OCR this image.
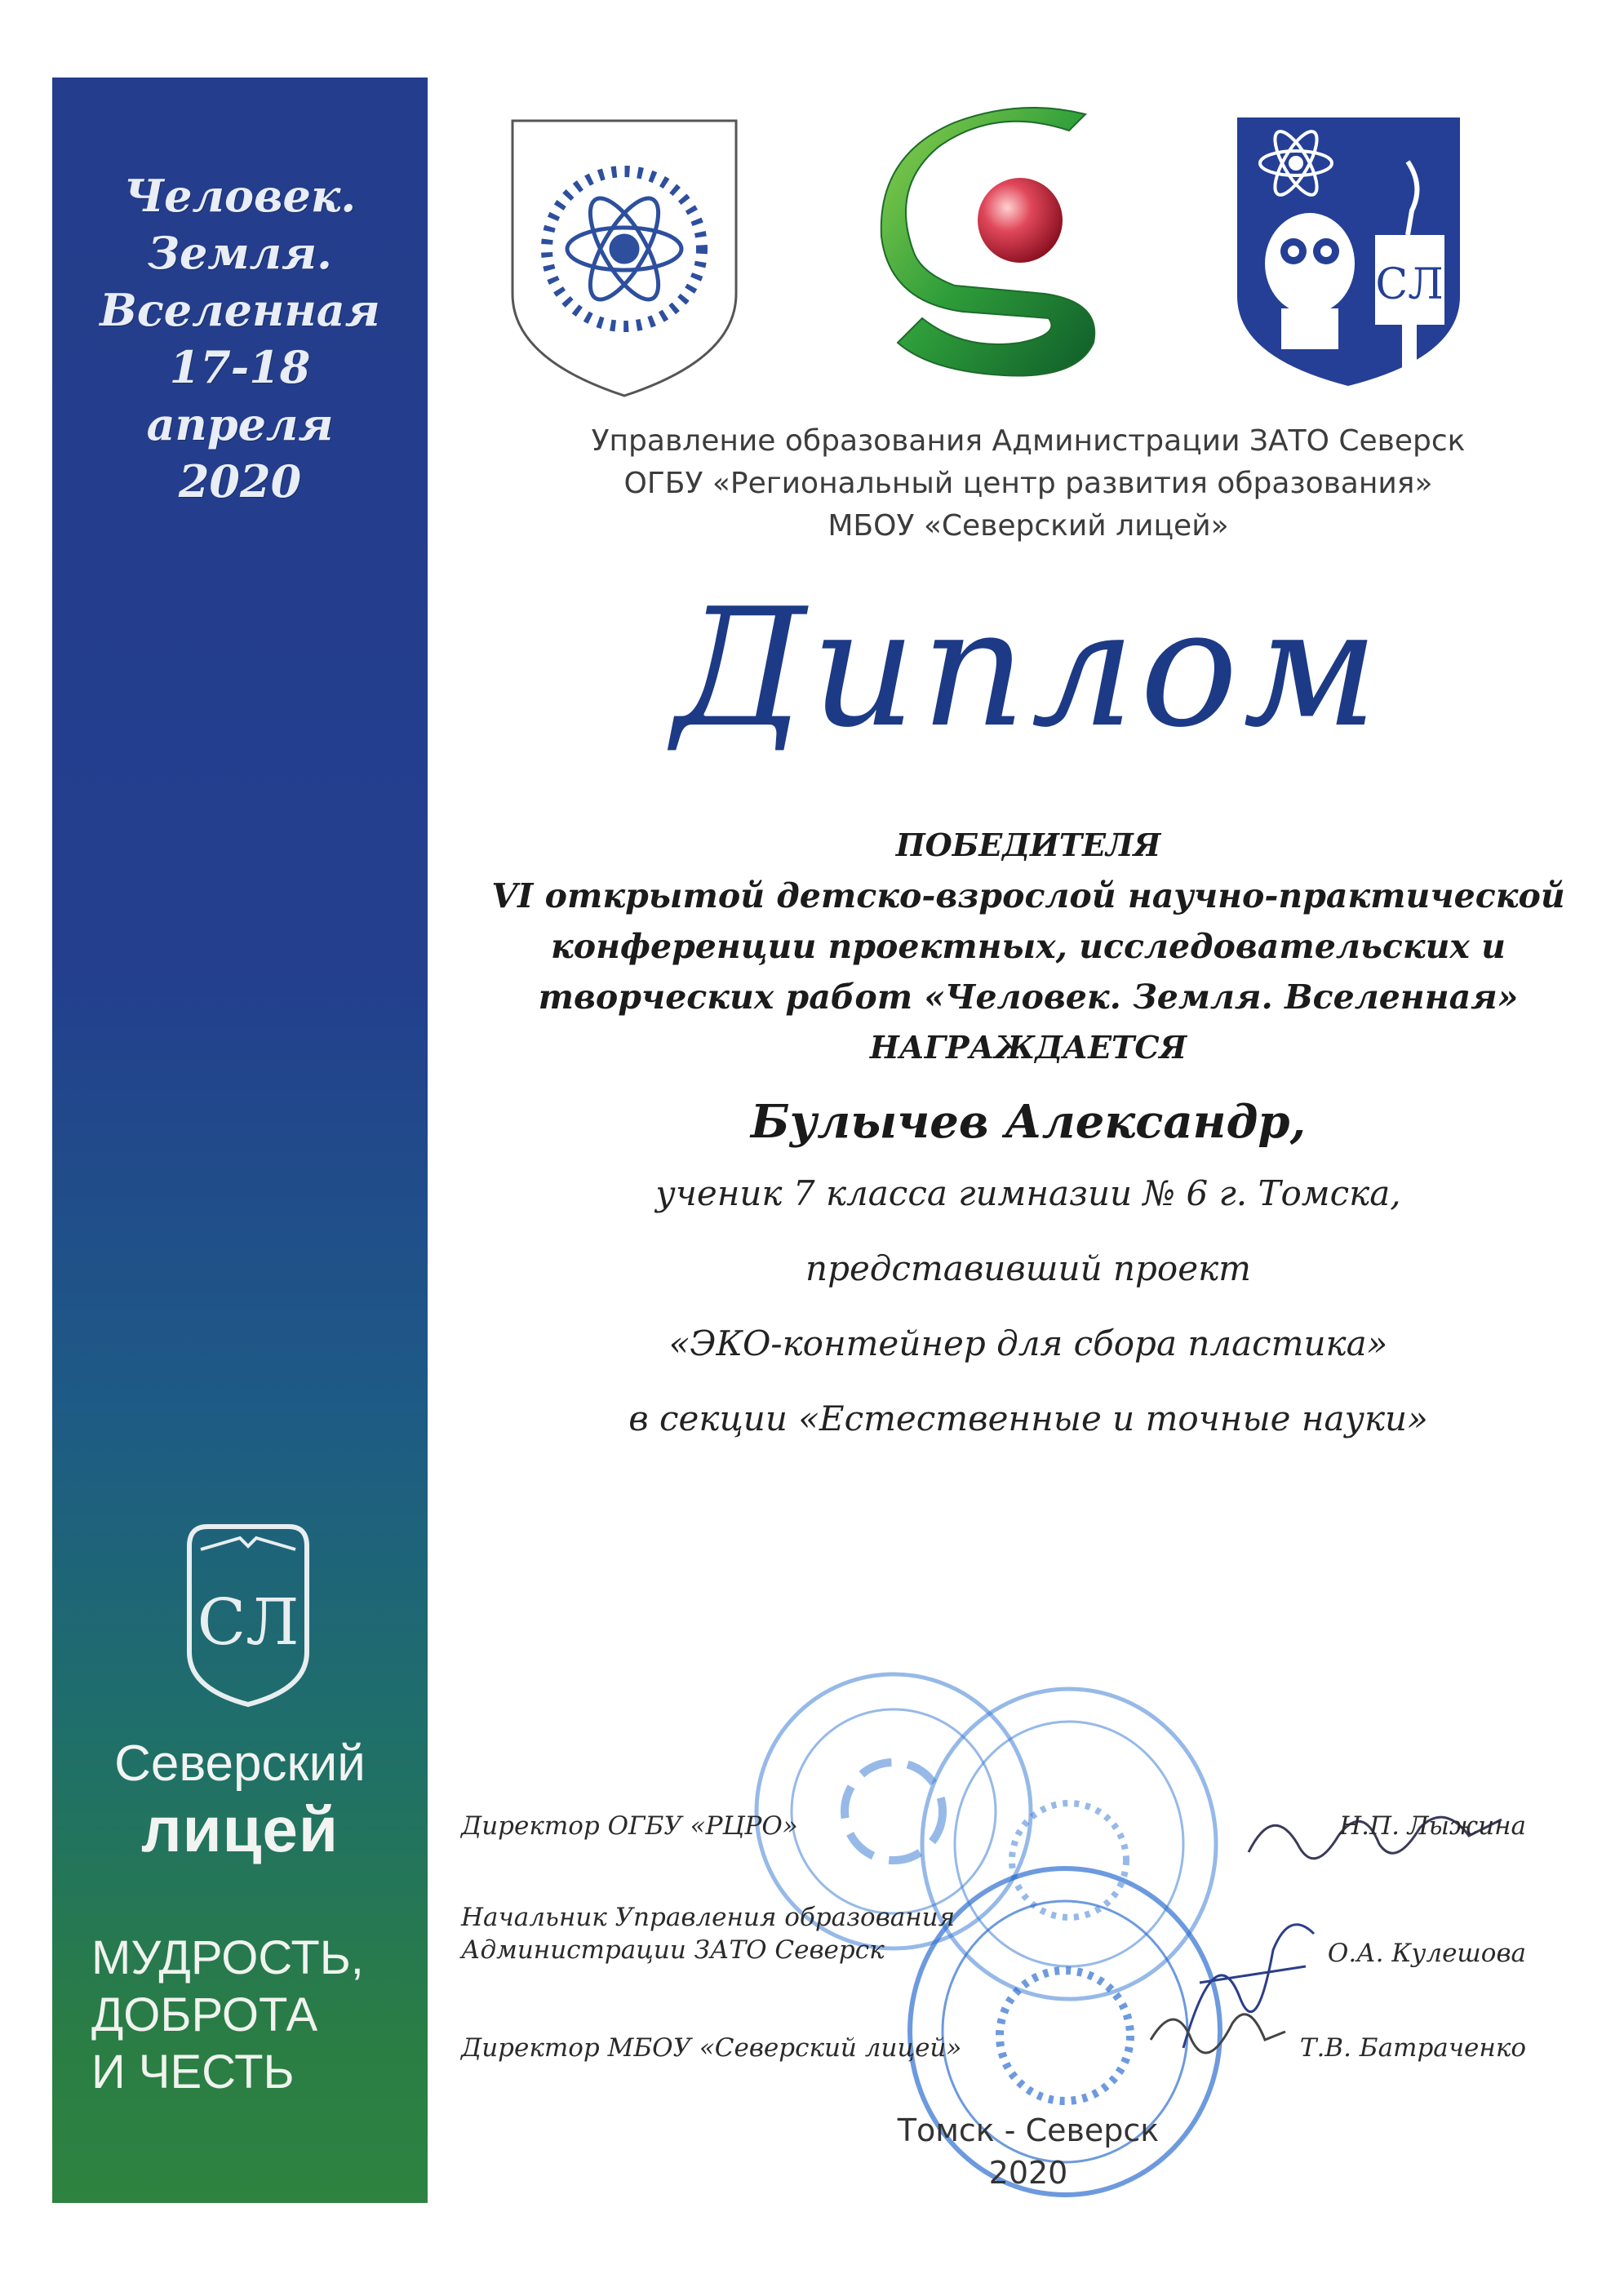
Человек.
Земля.
Вселенная
17-18
апреля
2020
СЛ
Северский
лицей
МУДРОСТЬ,
ДОБРОТА
И ЧЕСТЬ
СЛ
Управление образования Администрации ЗАТО Северск
ОГБУ «Региональный центр развития образования»
МБОУ «Северский лицей»
Диплом
ПОБЕДИТЕЛЯ
VI открытой детско-взрослой научно-практической
конференции проектных, исследовательских и
творческих работ «Человек. Земля. Вселенная»
НАГРАЖДАЕТСЯ
Булычев Александр,
ученик 7 класса гимназии № 6 г. Томска,
представивший проект
«ЭКО-контейнер для сбора пластика»
в секции «Естественные и точные науки»
Директор ОГБУ «РЦРО»	Н.П. Лыжина
Начальник Управления образования
Администрации ЗАТО Северск	О.А. Кулешова
Директор МБОУ «Северский лицей»	Т.В. Батраченко
Томск - Северск
2020
